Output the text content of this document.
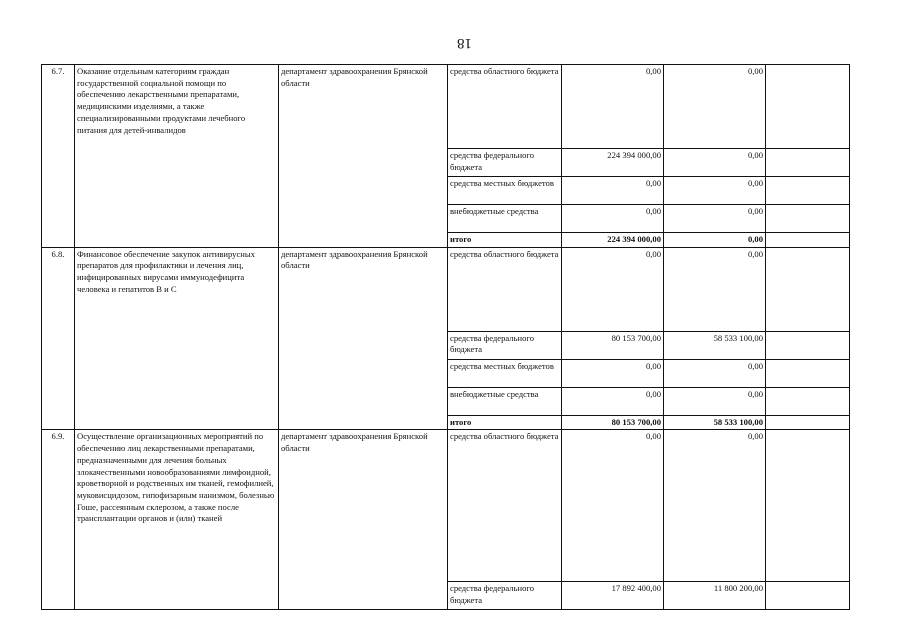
18
6.7.	Оказание отдельным категориям граждан государственной социальной помощи по обеспечению лекарственными препаратами, медицинскими изделиями, а также специализированными продуктами лечебного питания для детей-инвалидов	департамент здравоохранения Брянской области	средства областного бюджета	0,00	0,00	
			средства федерального бюджета	224 394 000,00	0,00	
			средства местных бюджетов	0,00	0,00	
			внебюджетные средства	0,00	0,00	
			итого	224 394 000,00	0,00	
6.8.	Финансовое обеспечение закупок антивирусных препаратов для профилактики и лечения лиц, инфицированных вирусами иммунодефицита человека и гепатитов В и С	департамент здравоохранения Брянской области	средства областного бюджета	0,00	0,00	
			средства федерального бюджета	80 153 700,00	58 533 100,00	
			средства местных бюджетов	0,00	0,00	
			внебюджетные средства	0,00	0,00	
			итого	80 153 700,00	58 533 100,00	
6.9.	Осуществление организационных мероприятий по обеспечению лиц лекарственными препаратами, предназначенными для лечения больных злокачественными новообразованиями лимфоидной, кроветворной и родственных им тканей, гемофилией, муковисцидозом, гипофизарным нанизмом, болезнью Гоше, рассеянным склерозом, а также после трансплантации органов и (или) тканей	департамент здравоохранения Брянской области	средства областного бюджета	0,00	0,00	
			средства федерального бюджета	17 892 400,00	11 800 200,00	
